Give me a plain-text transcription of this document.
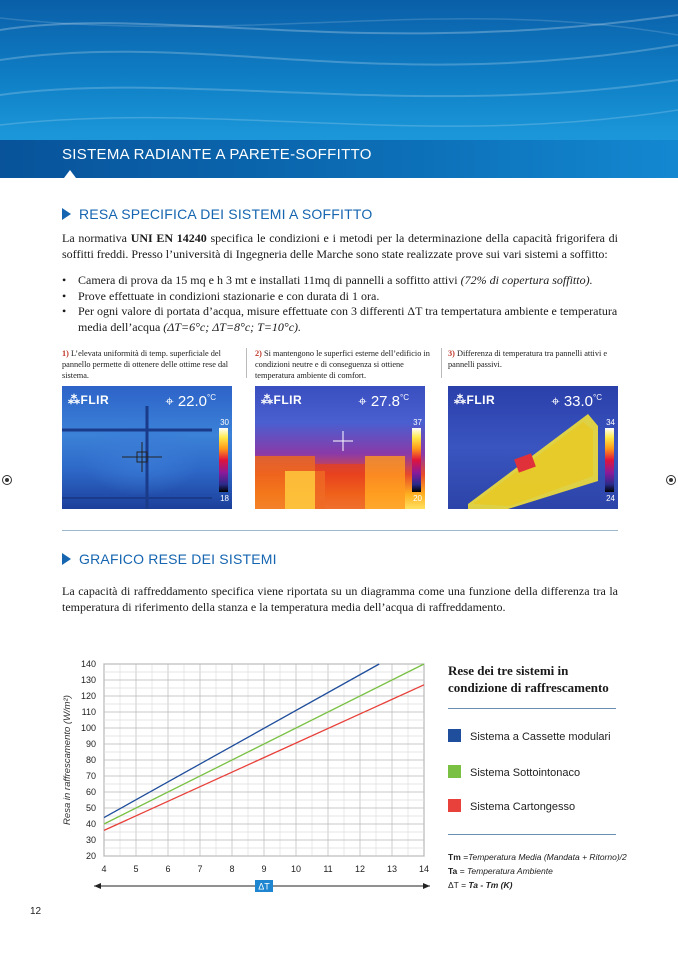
SISTEMA RADIANTE A PARETE-SOFFITTO
RESA SPECIFICA DEI SISTEMI A SOFFITTO
La normativa UNI EN 14240 specifica le condizioni e i metodi per la determinazione della capacità frigorifera di soffitti freddi. Presso l’università di Ingegneria delle Marche sono state realizzate prove sui vari sistemi a soffitto:
• Camera di prova da 15 mq e h 3 mt e installati 11mq di pannelli a soffitto attivi (72% di copertura soffitto).
• Prove effettuate in condizioni stazionarie e con durata di 1 ora.
• Per ogni valore di portata d’acqua, misure effettuate con 3 differenti ΔT tra tempertatura ambiente e temperatura media dell’acqua (ΔT=6°c; ΔT=8°c; T=10°c).
1) L’elevata uniformità di temp. superficiale del pannello permette di ottenere delle ottime rese dal sistema.
2) Si mantengono le superfici esterne dell’edificio in condizioni neutre e di conseguenza si ottiene temperatura ambiente di comfort.
3) Differenza di temperatura tra pannelli attivi e pannelli passivi.
⁂FLIR	⌖ $22.0^{^\circ C}$
30
18
⁂FLIR	⌖ $27.8^{^\circ C}$
37
20
⁂FLIR	⌖ $33.0^{^\circ C}$
34
24
GRAFICO RESE DEI SISTEMI
La capacità di raffreddamento specifica viene riportata su un diagramma come una funzione della differenza tra la temperatura di riferimento della stanza e la temperatura media dell’acqua di raffreddamento.
20
30
40
50
60
70
80
90
100
110
120
130
140
4	5	6	7	8	9	10 11 12 13 14
Resa in raffrescamento (W/m²)
ΔT
Rese dei tre sistemi in condizione di raffrescamento
Sistema a Cassette modulari
Sistema Sottointonaco
Sistema Cartongesso
Tm =Temperatura Media (Mandata + Ritorno)/2
Ta = Temperatura Ambiente
ΔT = Ta - Tm (K)
12
